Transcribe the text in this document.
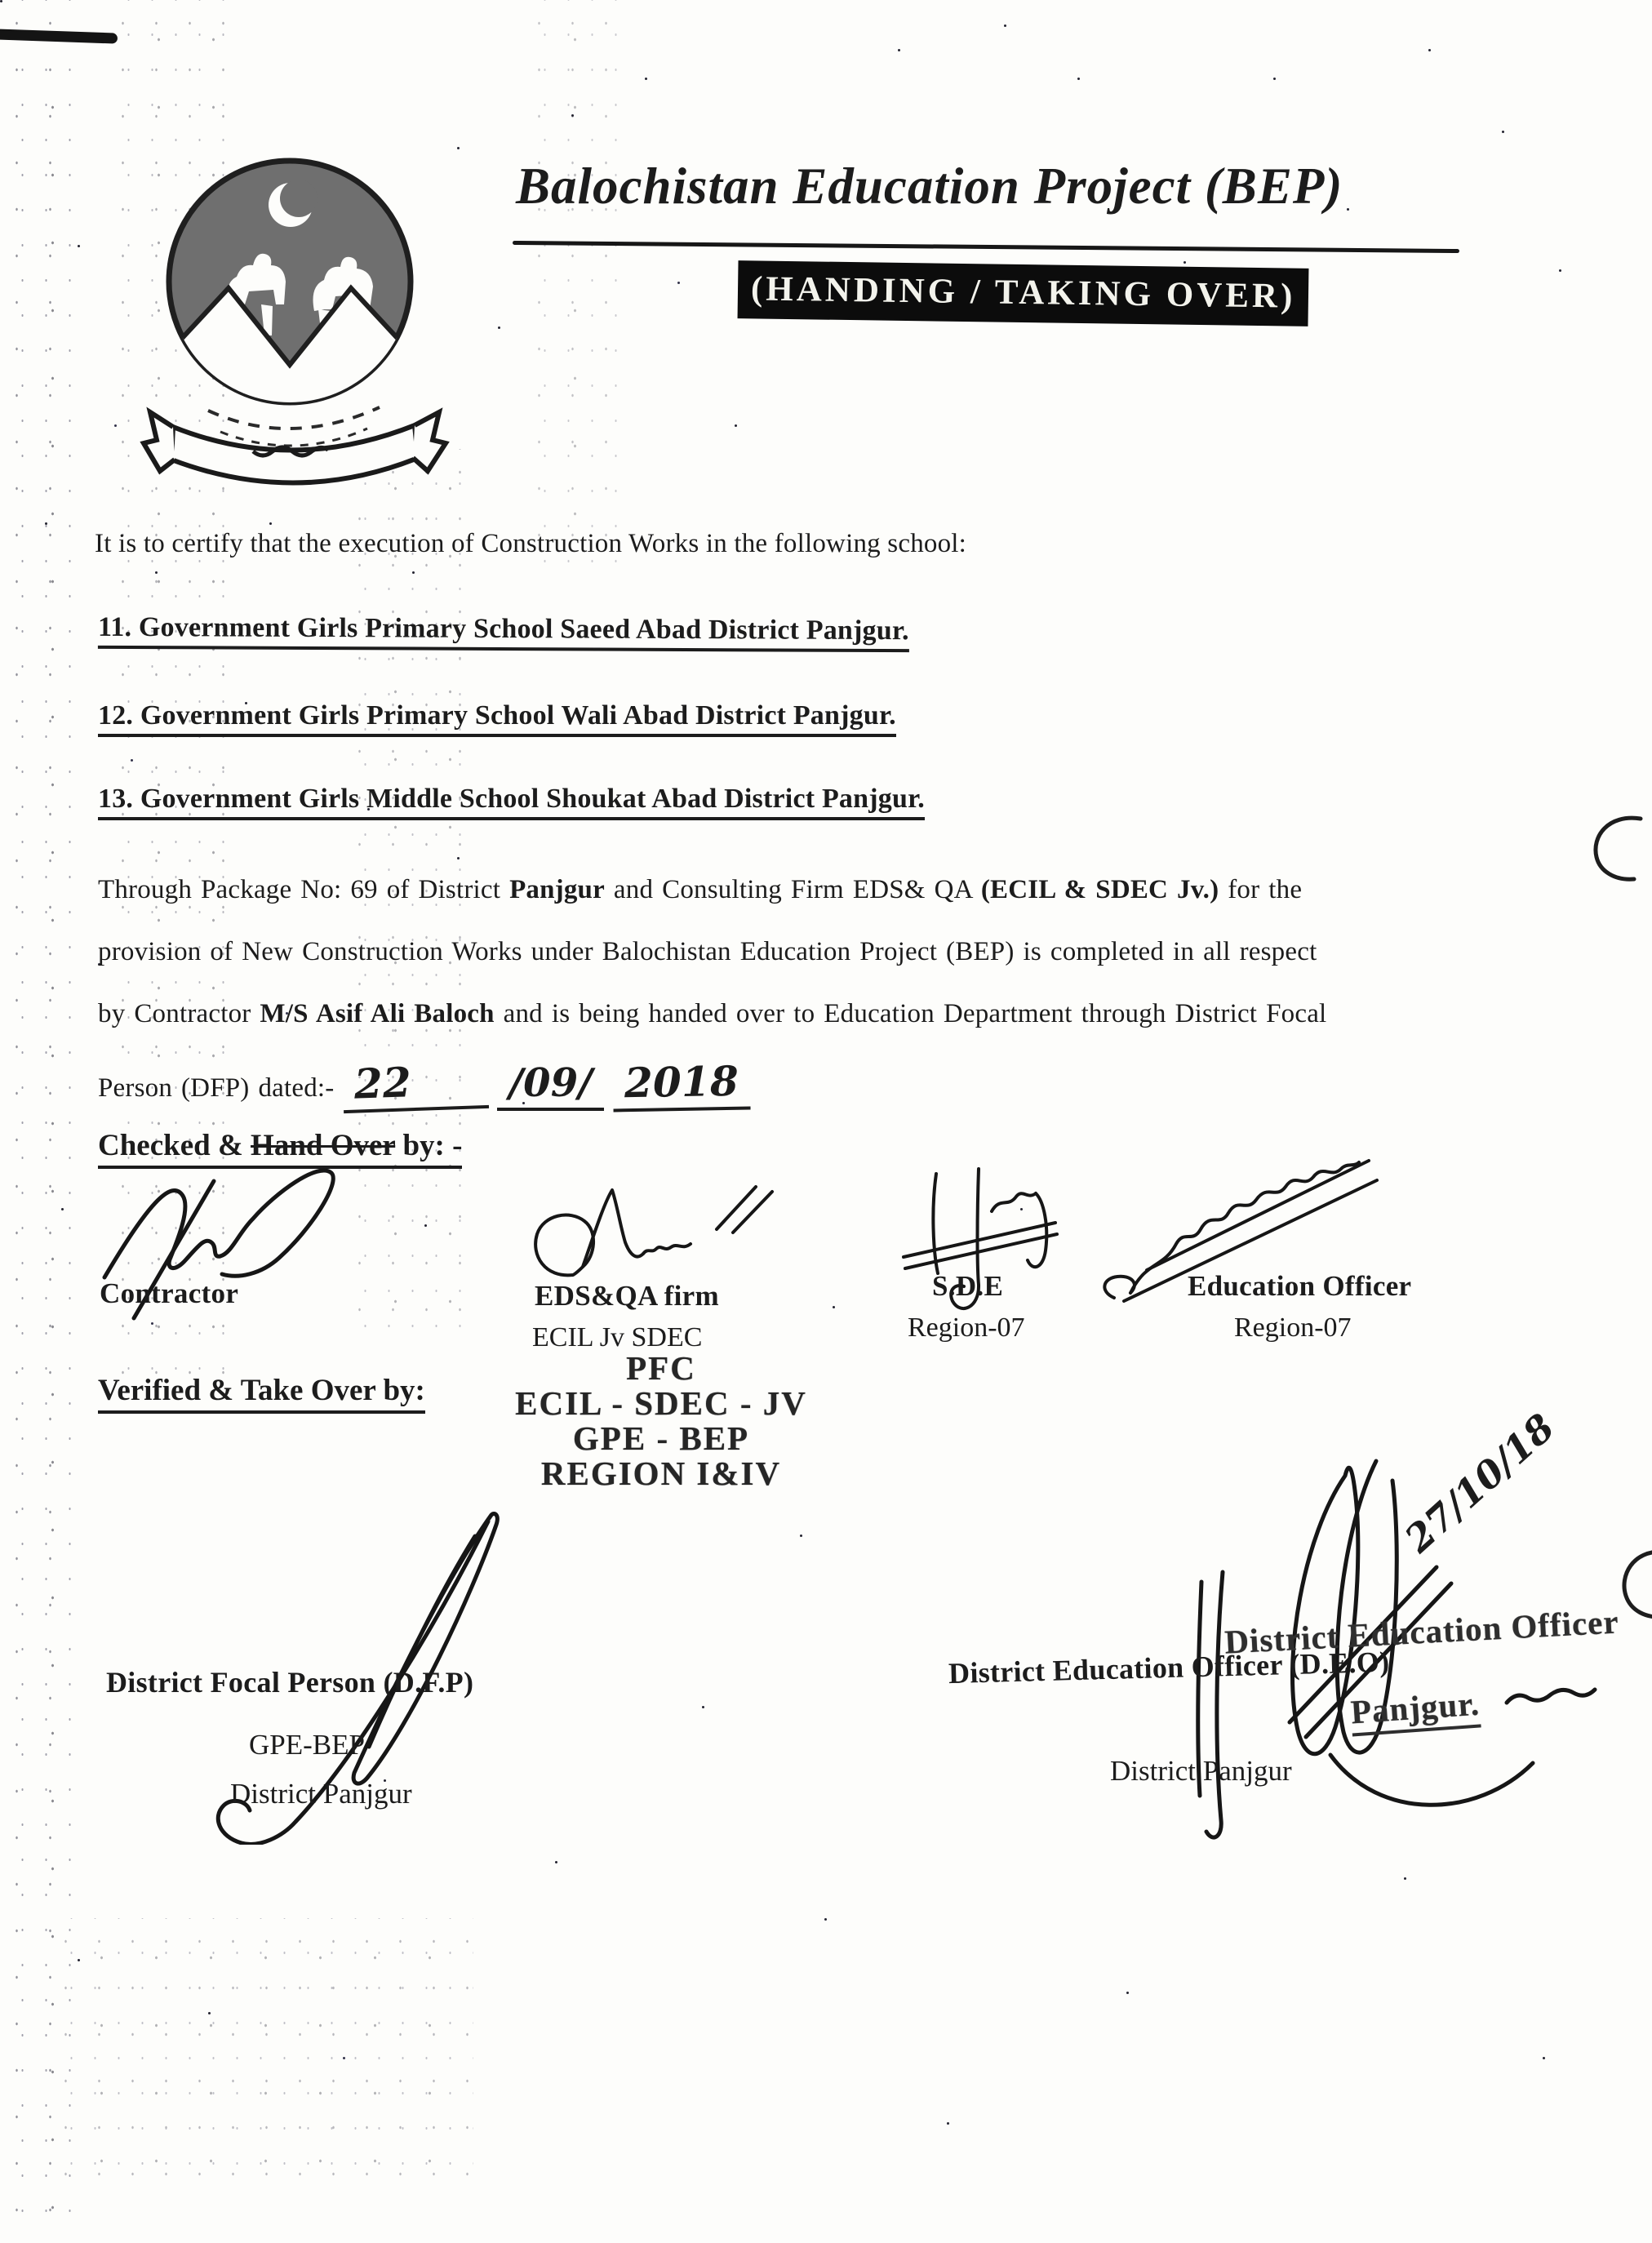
Balochistan Education Project (BEP)
(HANDING / TAKING OVER)
It is to certify that the execution of Construction Works in the following school:
11. Government Girls Primary School Saeed Abad District Panjgur.
12. Government Girls Primary School Wali Abad District Panjgur.
13. Government Girls Middle School Shoukat Abad District Panjgur.
Through Package No: 69 of District Panjgur and Consulting Firm EDS& QA (ECIL & SDEC Jv.) for the
provision of New Construction Works under Balochistan Education Project (BEP) is completed in all respect
by Contractor M/S Asif Ali Baloch and is being handed over to Education Department through District Focal
Person (DFP) dated:- 22 /09/ 2018
Checked & Hand Over by: -
Contractor	EDS&QA firm
ECIL Jv SDEC
S.D.E
Region-07
Education Officer
Region-07
Verified & Take Over by:
PFC
ECIL - SDEC - JV
GPE - BEP
REGION I&IV
District Focal Person (D.F.P)
GPE-BEP
District Panjgur
27/10/18
District Education Officer
District Education Officer (D.E.O)
Panjgur.
District Panjgur
